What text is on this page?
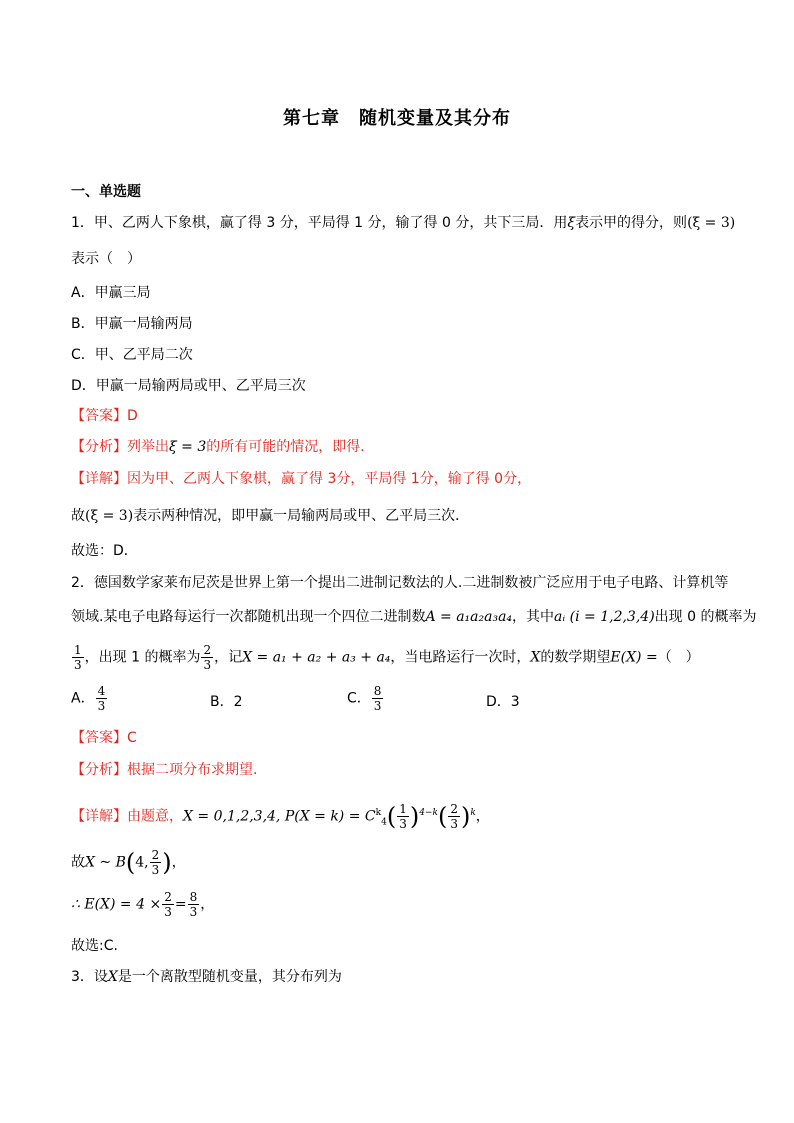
第七章　随机变量及其分布
一、单选题
1．甲、乙两人下象棋，赢了得 3 分，平局得 1 分，输了得 0 分，共下三局．用ξ表示甲的得分，则(ξ = 3)
表示（　）
A．甲赢三局
B．甲赢一局输两局
C．甲、乙平局二次
D．甲赢一局输两局或甲、乙平局三次
【答案】D
【分析】列举出ξ = 3的所有可能的情况，即得.
【详解】因为甲、乙两人下象棋，赢了得 3分，平局得 1分，输了得 0分，
故(ξ = 3)表示两种情况，即甲赢一局输两局或甲、乙平局三次．
故选：D．
2．德国数学家莱布尼茨是世界上第一个提出二进制记数法的人.二进制数被广泛应用于电子电路、计算机等
领域.某电子电路每运行一次都随机出现一个四位二进制数A = a₁a₂a₃a₄，其中aᵢ (i = 1,2,3,4)出现 0 的概率为
$\frac{1}{3}$ ，出现 1 的概率为 $\frac{2}{3}$ ，记X = a₁ + a₂ + a₃ + a₄，当电路运行一次时，X的数学期望E(X) =（　）
A． $\frac{4}{3}$	B．2	C． $\frac{8}{3}$	D．3
【答案】C
【分析】根据二项分布求期望.
【详解】由题意，X = 0,1,2,3,4, $P(X = k) = C^k_4( \frac{1}{3} )^{4-k}( \frac{2}{3} )^k$，
故X ~ B(4, $\frac{2}{3}$ )，
∴ $E(X) = 4 \times \frac{2}{3} = \frac{8}{3}$ ，
故选:C.
3．设X是一个离散型随机变量，其分布列为
